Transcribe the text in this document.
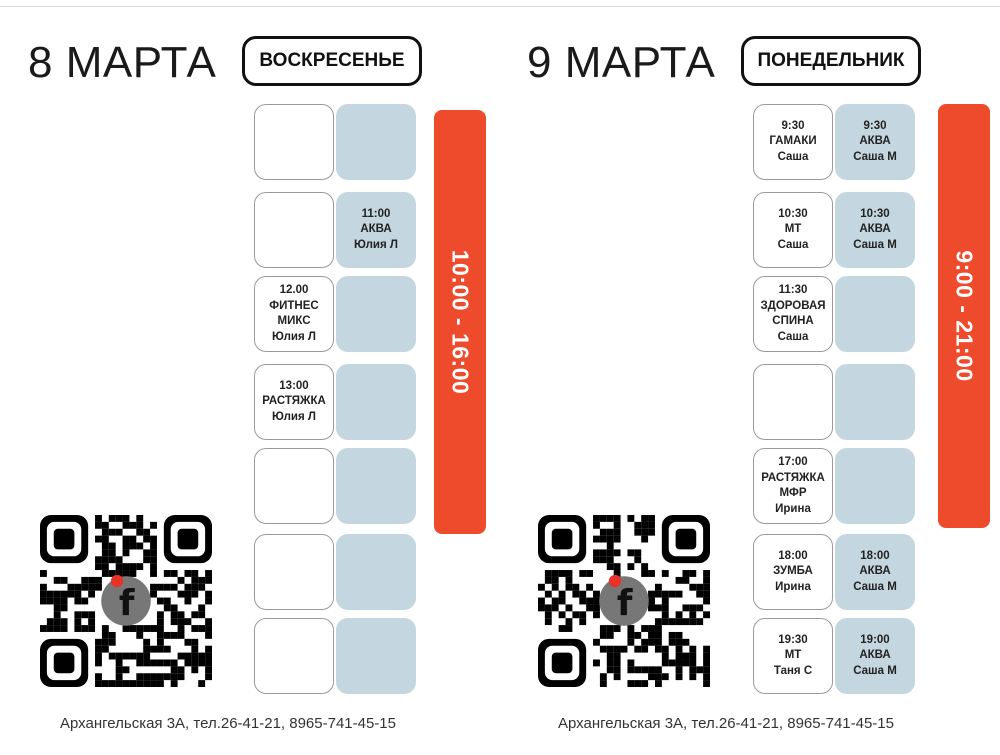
8 МАРТА	ВОСКРЕСЕНЬЕ
11:00
АКВА
Юлия Л
12.00
ФИТНЕС
МИКС
Юлия Л
13:00
РАСТЯЖКА
Юлия Л
10:00 - 16:00
f
Архангельская 3А, тел.26-41-21, 8965-741-45-15
9 МАРТА	ПОНЕДЕЛЬНИК
9:30
ГАМАКИ
Саша
9:30
АКВА
Саша М
10:30
МТ
Саша
10:30
АКВА
Саша М
11:30
ЗДОРОВАЯ
СПИНА
Саша
17:00
РАСТЯЖКА
МФР
Ирина
18:00
ЗУМБА
Ирина
18:00
АКВА
Саша М
19:30
МТ
Таня С
19:00
АКВА
Саша М
9:00 - 21:00
f
Архангельская 3А, тел.26-41-21, 8965-741-45-15
